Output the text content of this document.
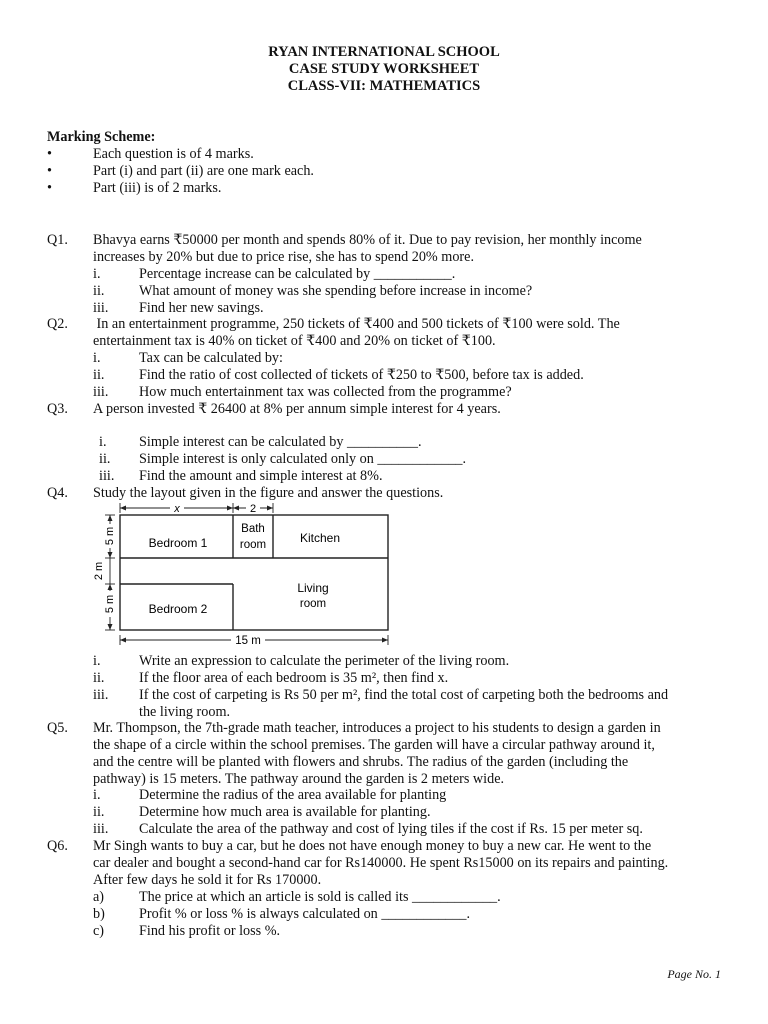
RYAN INTERNATIONAL SCHOOL
CASE STUDY WORKSHEET
CLASS-VII: MATHEMATICS
Marking Scheme:
•	Each question is of 4 marks.
•	Part (i) and part (ii) are one mark each.
•	Part (iii) is of 2 marks.
Q1. Bhavya earns ₹50000 per month and spends 80% of it. Due to pay revision, her monthly income
increases by 20% but due to price rise, she has to spend 20% more.
i.	Percentage increase can be calculated by ___________.
ii. What amount of money was she spending before increase in income?
iii. Find her new savings.
Q2. In an entertainment programme, 250 tickets of ₹400 and 500 tickets of ₹100 were sold. The
entertainment tax is 40% on ticket of ₹400 and 20% on ticket of ₹100.
i.	Tax can be calculated by:
ii. Find the ratio of cost collected of tickets of ₹250 to ₹500, before tax is added.
iii. How much entertainment tax was collected from the programme?
Q3. A person invested ₹ 26400 at 8% per annum simple interest for 4 years.
i. Simple interest can be calculated by __________.
ii. Simple interest is only calculated only on ____________.
iii. Find the amount and simple interest at 8%.
Q4. Study the layout given in the figure and answer the questions.
x	2
Bedroom 1
Bath
room	Kitchen
Living
room
Bedroom 2
15 m
5 m
2 m
5 m
i.	Write an expression to calculate the perimeter of the living room.
ii. If the floor area of each bedroom is 35 m², then find x.
iii. If the cost of carpeting is Rs 50 per m², find the total cost of carpeting both the bedrooms and
the living room.
Q5. Mr. Thompson, the 7th-grade math teacher, introduces a project to his students to design a garden in
the shape of a circle within the school premises. The garden will have a circular pathway around it,
and the centre will be planted with flowers and shrubs. The radius of the garden (including the
pathway) is 15 meters. The pathway around the garden is 2 meters wide.
i.	Determine the radius of the area available for planting
ii. Determine how much area is available for planting.
iii. Calculate the area of the pathway and cost of lying tiles if the cost if Rs. 15 per meter sq.
Q6. Mr Singh wants to buy a car, but he does not have enough money to buy a new car. He went to the
car dealer and bought a second-hand car for Rs140000. He spent Rs15000 on its repairs and painting.
After few days he sold it for Rs 170000.
a) The price at which an article is sold is called its ____________.
b) Profit % or loss % is always calculated on ____________.
c) Find his profit or loss %.
Page No. 1
